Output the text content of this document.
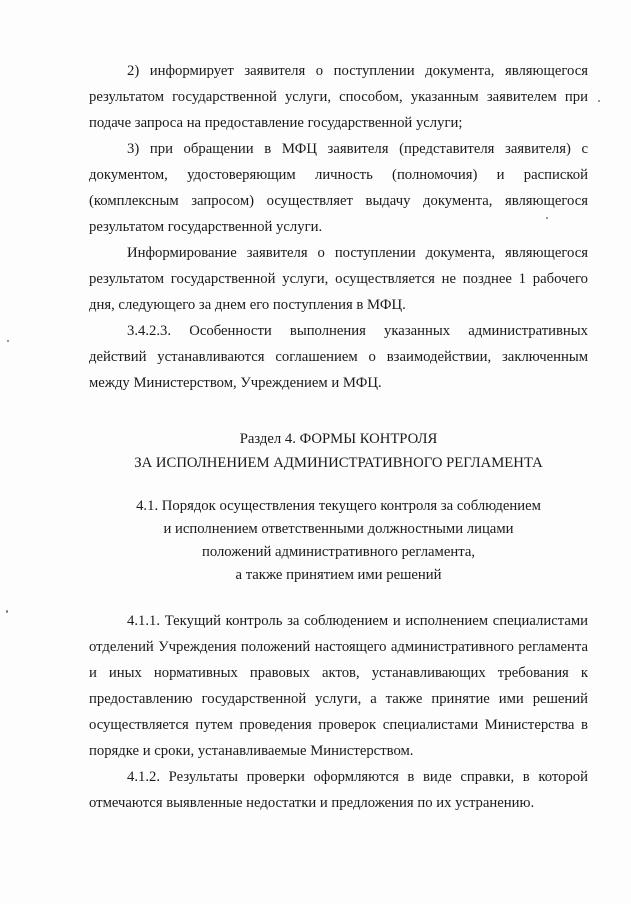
2) информирует заявителя о поступлении документа, являющегося результатом государственной услуги, способом, указанным заявителем при подаче запроса на предоставление государственной услуги;

3) при обращении в МФЦ заявителя (представителя заявителя) с документом, удостоверяющим личность (полномочия) и распиской (комплексным запросом) осуществляет выдачу документа, являющегося результатом государственной услуги.

Информирование заявителя о поступлении документа, являющегося результатом государственной услуги, осуществляется не позднее 1 рабочего дня, следующего за днем его поступления в МФЦ.

3.4.2.3. Особенности выполнения указанных административных действий устанавливаются соглашением о взаимодействии, заключенным между Министерством, Учреждением и МФЦ.

Раздел 4. ФОРМЫ КОНТРОЛЯ

ЗА ИСПОЛНЕНИЕМ АДМИНИСТРАТИВНОГО РЕГЛАМЕНТА

4.1. Порядок осуществления текущего контроля за соблюдением

и исполнением ответственными должностными лицами

положений административного регламента,

а также принятием ими решений

4.1.1. Текущий контроль за соблюдением и исполнением специалистами отделений Учреждения положений настоящего административного регламента и иных нормативных правовых актов, устанавливающих требования к предоставлению государственной услуги, а также принятие ими решений осуществляется путем проведения проверок специалистами Министерства в порядке и сроки, устанавливаемые Министерством.

4.1.2. Результаты проверки оформляются в виде справки, в которой отмечаются выявленные недостатки и предложения по их устранению.
